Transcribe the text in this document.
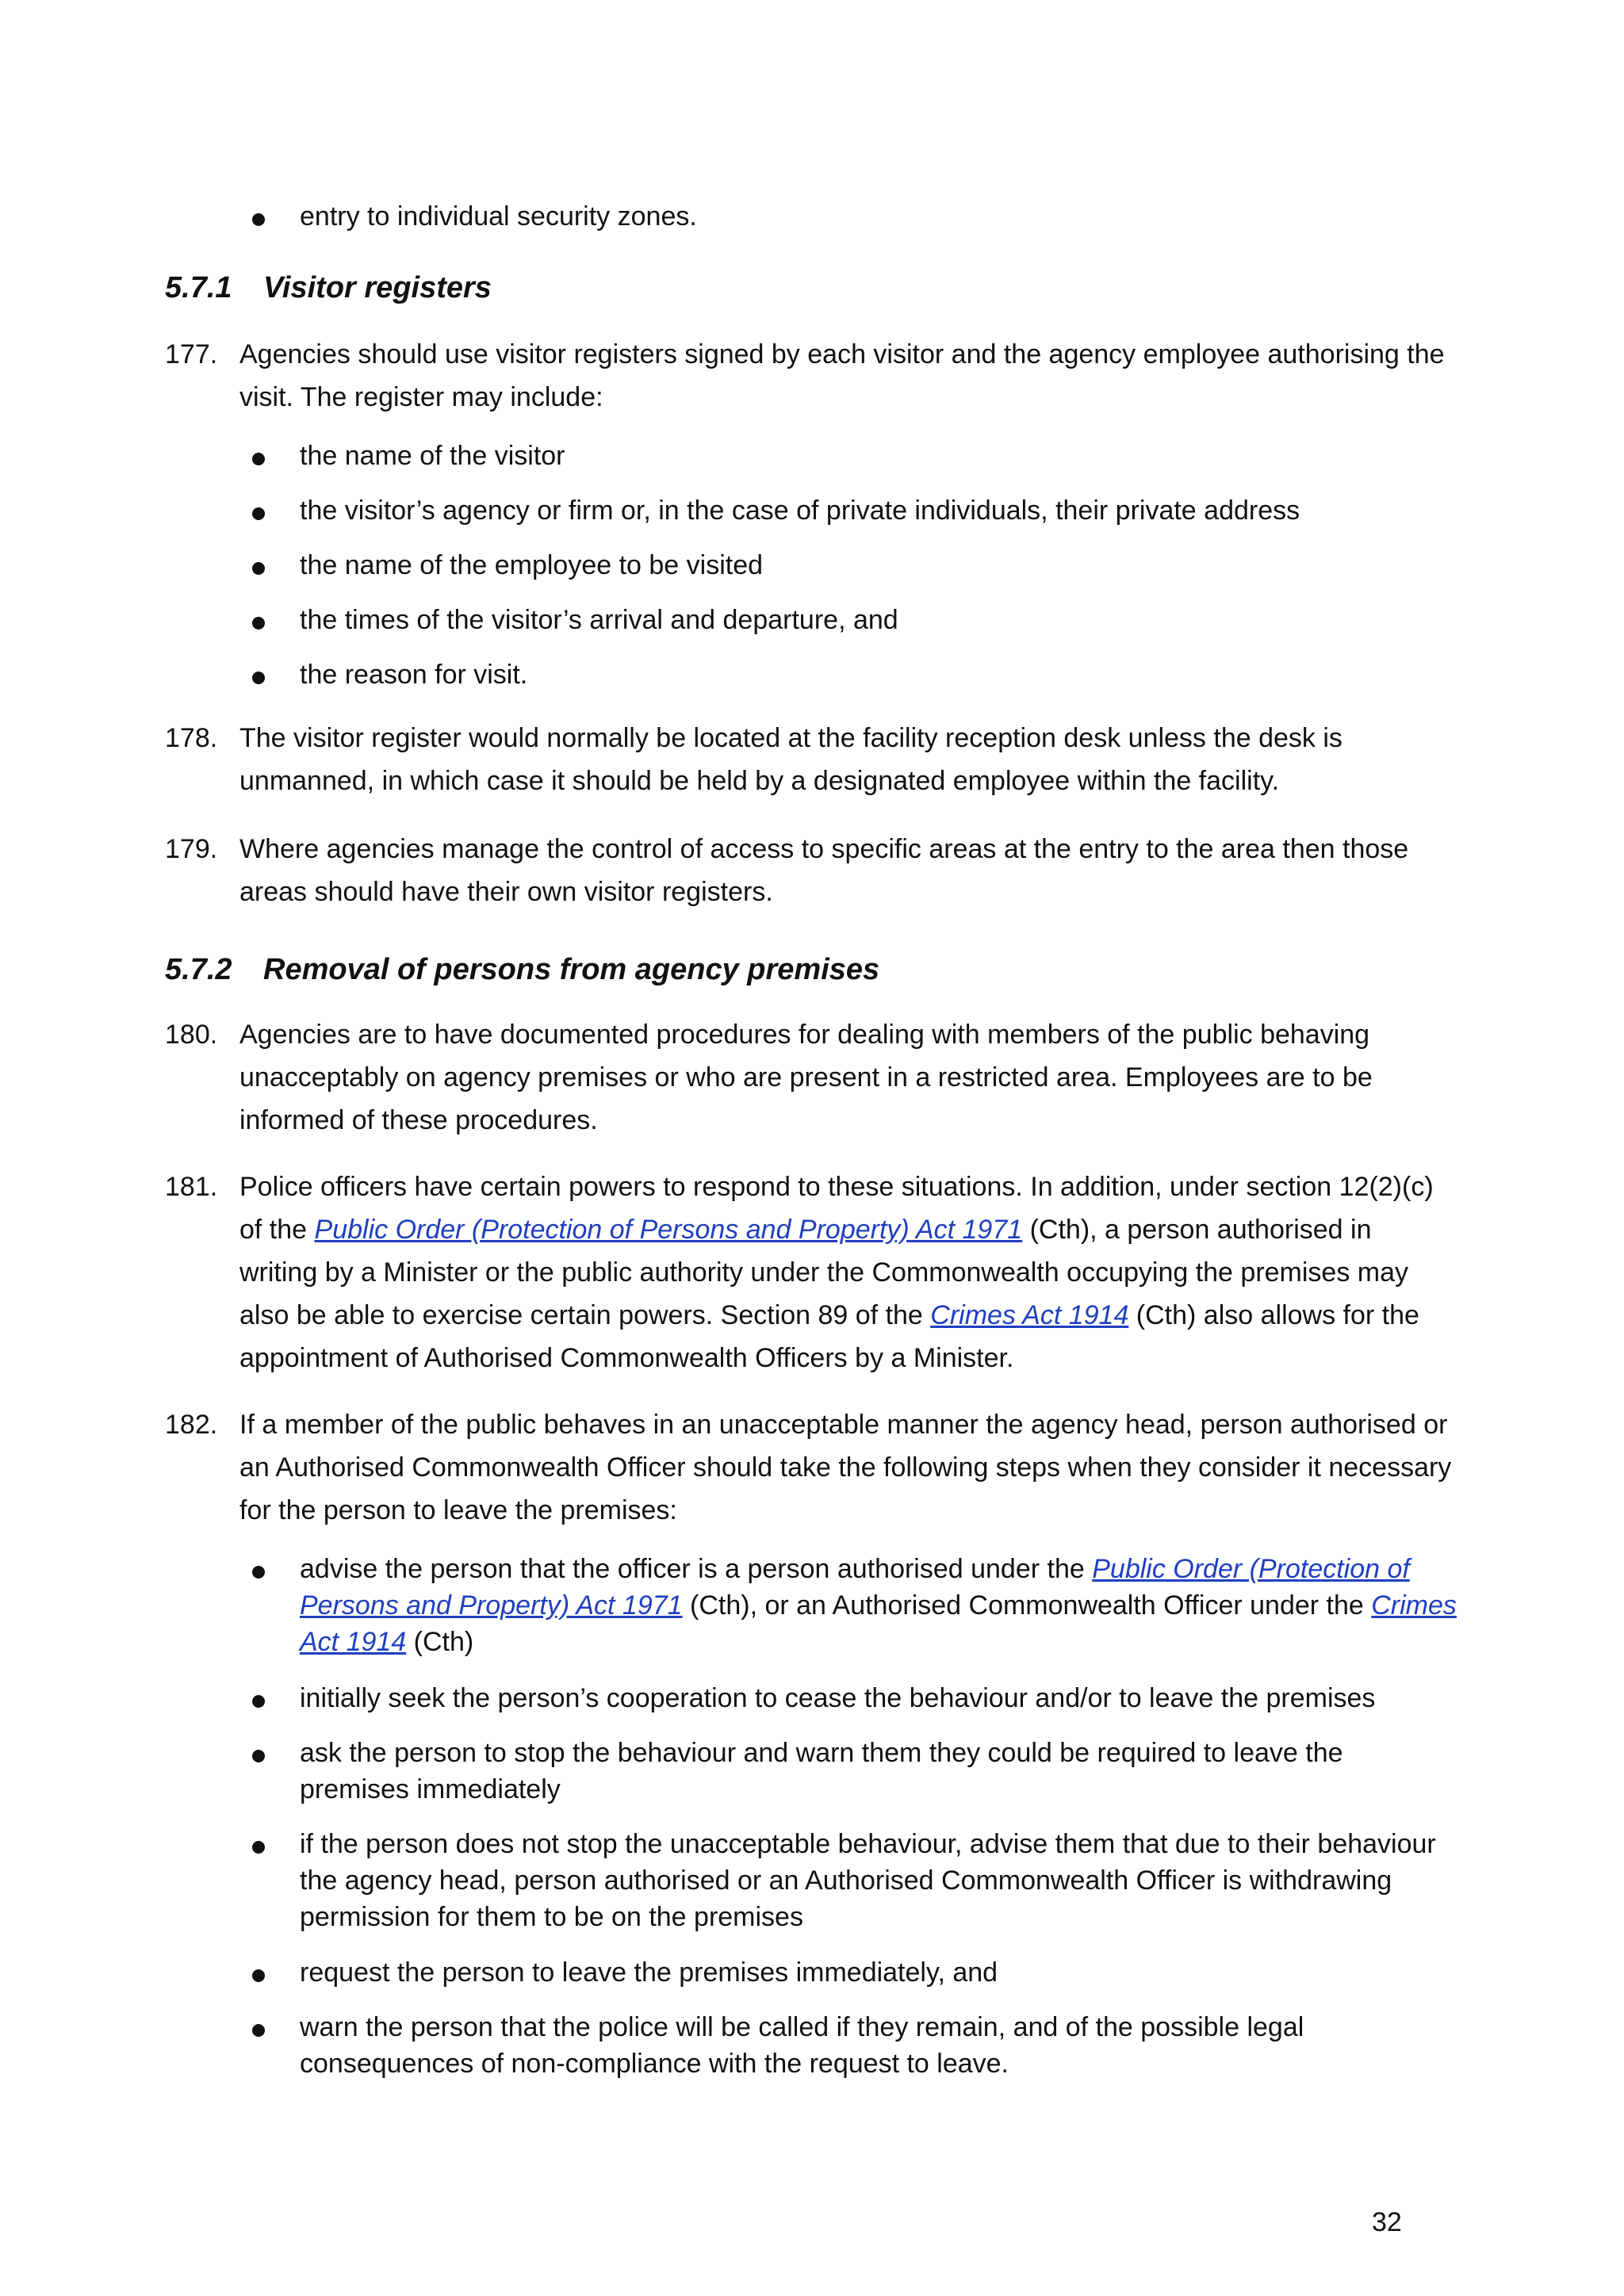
entry to individual security zones.
5.7.1 Visitor registers
177. Agencies should use visitor registers signed by each visitor and the agency employee authorising the visit. The register may include:
the name of the visitor
the visitor’s agency or firm or, in the case of private individuals, their private address
the name of the employee to be visited
the times of the visitor’s arrival and departure, and
the reason for visit.
178. The visitor register would normally be located at the facility reception desk unless the desk is unmanned, in which case it should be held by a designated employee within the facility.
179. Where agencies manage the control of access to specific areas at the entry to the area then those areas should have their own visitor registers.
5.7.2 Removal of persons from agency premises
180. Agencies are to have documented procedures for dealing with members of the public behaving unacceptably on agency premises or who are present in a restricted area. Employees are to be informed of these procedures.
181. Police officers have certain powers to respond to these situations. In addition, under section 12(2)(c) of the Public Order (Protection of Persons and Property) Act 1971 (Cth), a person authorised in writing by a Minister or the public authority under the Commonwealth occupying the premises may also be able to exercise certain powers. Section 89 of the Crimes Act 1914 (Cth) also allows for the appointment of Authorised Commonwealth Officers by a Minister.
182. If a member of the public behaves in an unacceptable manner the agency head, person authorised or an Authorised Commonwealth Officer should take the following steps when they consider it necessary for the person to leave the premises:
advise the person that the officer is a person authorised under the Public Order (Protection of Persons and Property) Act 1971 (Cth), or an Authorised Commonwealth Officer under the Crimes Act 1914 (Cth)
initially seek the person’s cooperation to cease the behaviour and/or to leave the premises
ask the person to stop the behaviour and warn them they could be required to leave the premises immediately
if the person does not stop the unacceptable behaviour, advise them that due to their behaviour the agency head, person authorised or an Authorised Commonwealth Officer is withdrawing permission for them to be on the premises
request the person to leave the premises immediately, and
warn the person that the police will be called if they remain, and of the possible legal consequences of non-compliance with the request to leave.
32
